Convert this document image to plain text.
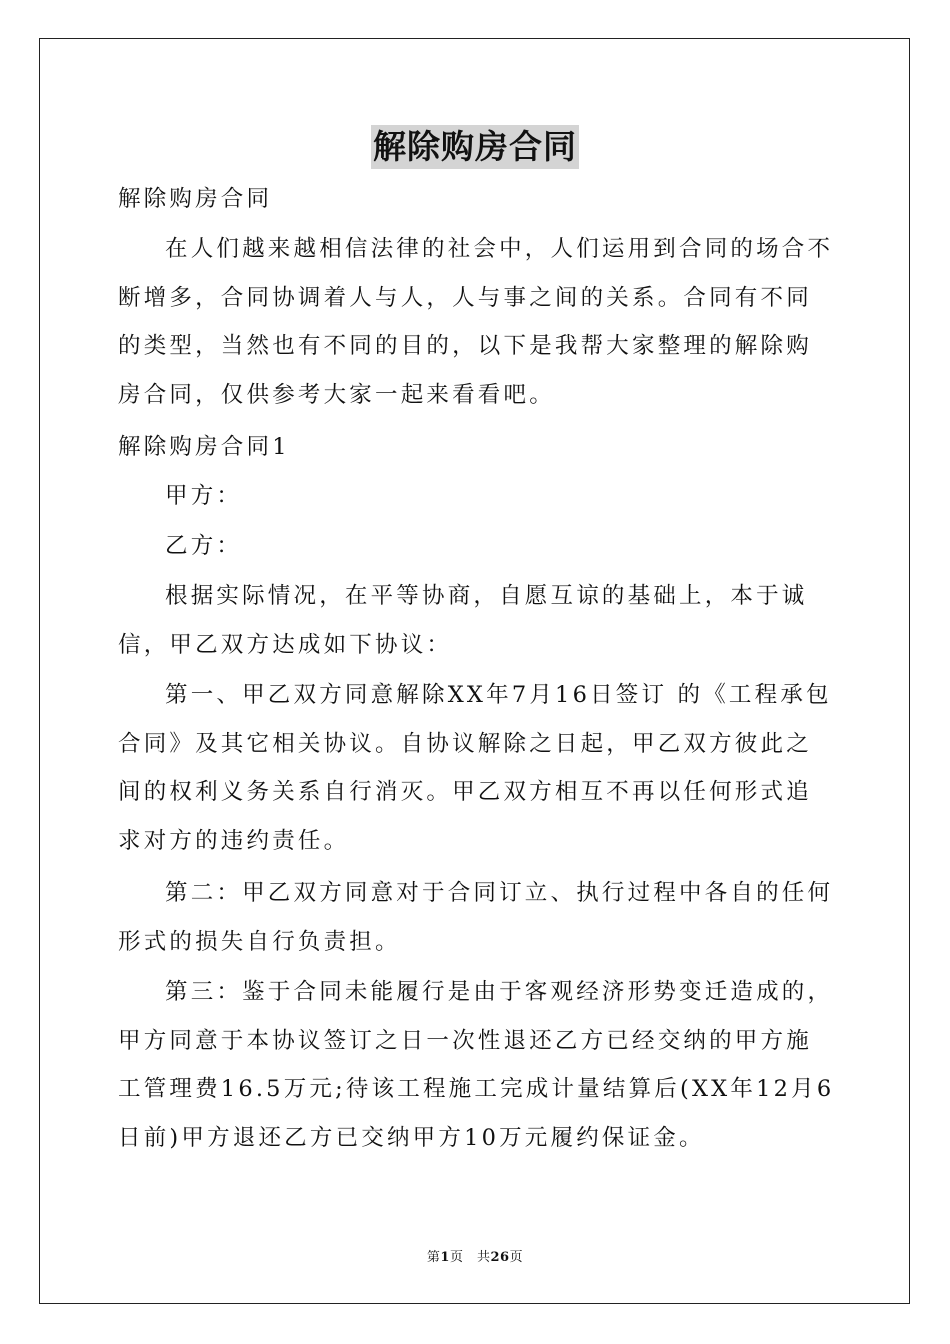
解除购房合同

解除购房合同

在人们越来越相信法律的社会中，人们运用到合同的场合不断增多，合同协调着人与人，人与事之间的关系。合同有不同的类型，当然也有不同的目的，以下是我帮大家整理的解除购房合同，仅供参考大家一起来看看吧。

解除购房合同1

甲方：

乙方：

根据实际情况，在平等协商，自愿互谅的基础上，本于诚信，甲乙双方达成如下协议：

第一、甲乙双方同意解除XX年7月16日签订 的《工程承包合同》及其它相关协议。自协议解除之日起，甲乙双方彼此之间的权利义务关系自行消灭。甲乙双方相互不再以任何形式追求对方的违约责任。

第二：甲乙双方同意对于合同订立、执行过程中各自的任何形式的损失自行负责担。

第三：鉴于合同未能履行是由于客观经济形势变迁造成的，甲方同意于本协议签订之日一次性退还乙方已经交纳的甲方施工管理费16.5万元;待该工程施工完成计量结算后(XX年12月6日前)甲方退还乙方已交纳甲方10万元履约保证金。

第1页　共26页
